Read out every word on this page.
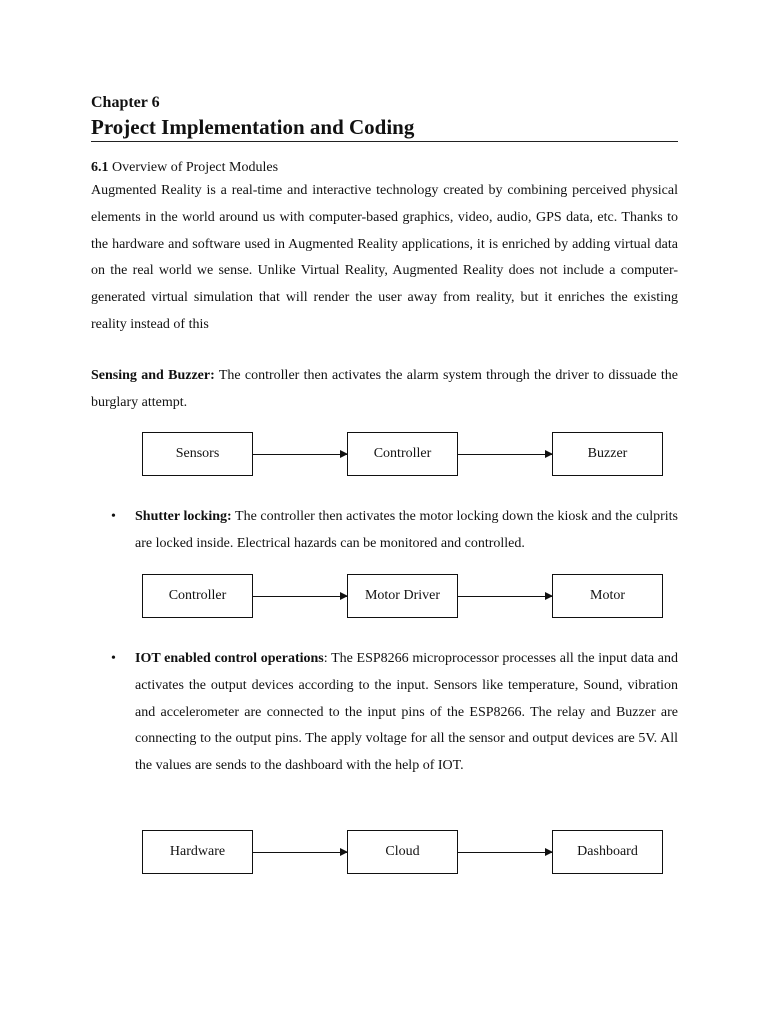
Chapter 6
Project Implementation and Coding
6.1 Overview of Project Modules

Augmented Reality is a real-time and interactive technology created by combining perceived physical elements in the world around us with computer-based graphics, video, audio, GPS data, etc. Thanks to the hardware and software used in Augmented Reality applications, it is enriched by adding virtual data on the real world we sense. Unlike Virtual Reality, Augmented Reality does not include a computer-generated virtual simulation that will render the user away from reality, but it enriches the existing reality instead of this

Sensing and Buzzer: The controller then activates the alarm system through the driver to dissuade the burglary attempt.

Sensors	Controller	Buzzer
• Shutter locking: The controller then activates the motor locking down the kiosk and the culprits are locked inside. Electrical hazards can be monitored and controlled.
Controller	Motor Driver	Motor
• IOT enabled control operations: The ESP8266 microprocessor processes all the input data and activates the output devices according to the input. Sensors like temperature, Sound, vibration and accelerometer are connected to the input pins of the ESP8266. The relay and Buzzer are connecting to the output pins. The apply voltage for all the sensor and output devices are 5V. All the values are sends to the dashboard with the help of IOT.
Hardware	Cloud	Dashboard
